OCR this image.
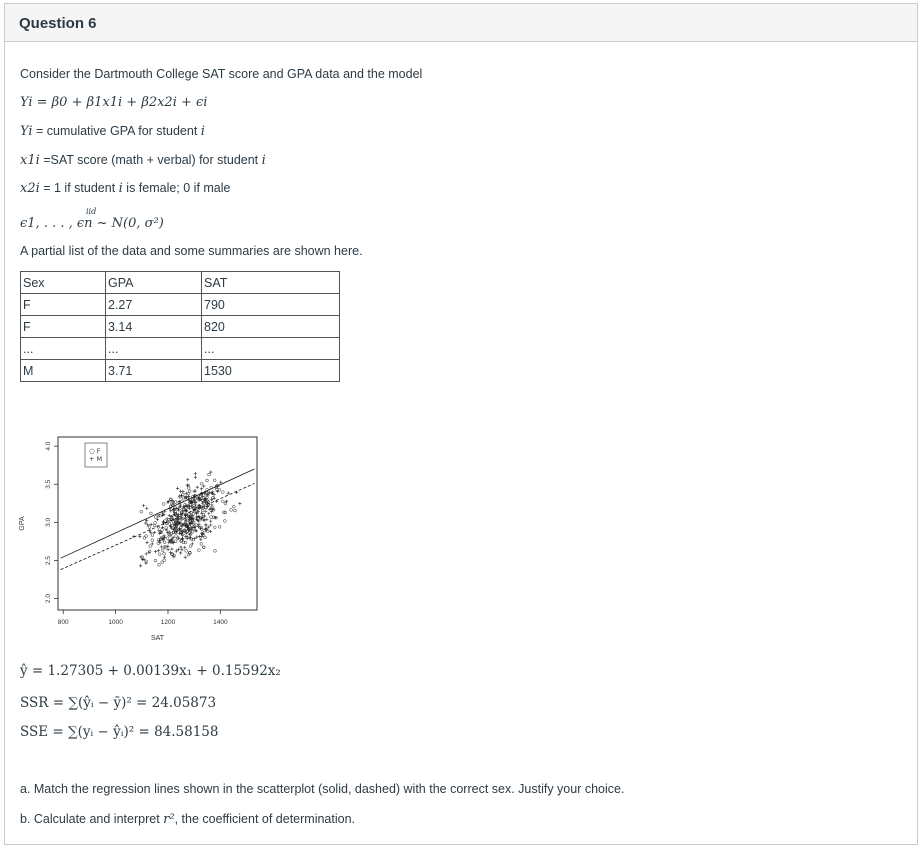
Question 6
Consider the Dartmouth College SAT score and GPA data and the model
Yi = β0 + β1x1i + β2x2i + ϵi
Yi = cumulative GPA for student i
x1i =SAT score (math + verbal) for student i
x2i = 1 if student i is female; 0 if male
iid
ϵ1, . . . , ϵn ~ N(0, σ²)
A partial list of the data and some summaries are shown here.
Sex	GPA	SAT
F	2.27	790
F	3.14	820
...	...	...
M	3.71	1530
800	1000	1200	1400
2.0
2.5
3.0
3.5
4.0
SAT
GPA
○ F
+ M
ŷ = 1.27305 + 0.00139x₁ + 0.15592x₂
SSR = ∑(ŷᵢ − ȳ)² = 24.05873
SSE = ∑(yᵢ − ŷᵢ)² = 84.58158
a. Match the regression lines shown in the scatterplot (solid, dashed) with the correct sex. Justify your choice.
b. Calculate and interpret r², the coefficient of determination.
